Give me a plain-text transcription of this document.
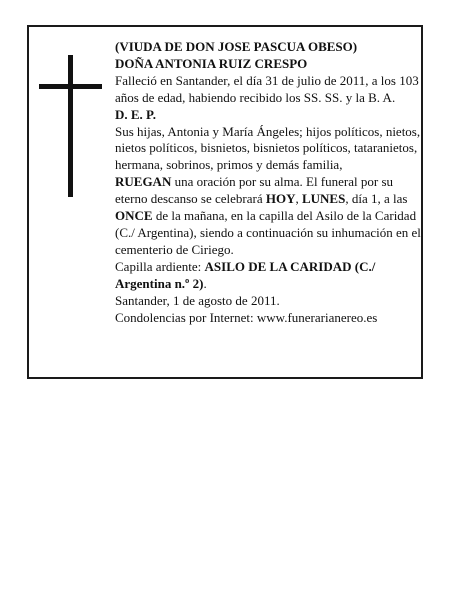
(VIUDA DE DON JOSE PASCUA OBESO)

DOÑA ANTONIA RUIZ CRESPO

Falleció en Santander, el día 31 de julio de 2011, a los 103 años de edad, habiendo recibido los SS. SS. y la B. A.

D. E. P.

Sus hijas, Antonia y María Ángeles; hijos políticos, nietos, nietos políticos, bisnietos, bisnietos políticos, tataranietos, hermana, sobrinos, primos y demás familia,

RUEGAN una oración por su alma. El funeral por su eterno descanso se celebrará HOY, LUNES, día 1, a las ONCE de la mañana, en la capilla del Asilo de la Caridad (C./ Argentina), siendo a continuación su inhumación en el cementerio de Ciriego.

Capilla ardiente: ASILO DE LA CARIDAD (C./ Argentina n.º 2).

Santander, 1 de agosto de 2011.

Condolencias por Internet: www.funerarianereo.es
